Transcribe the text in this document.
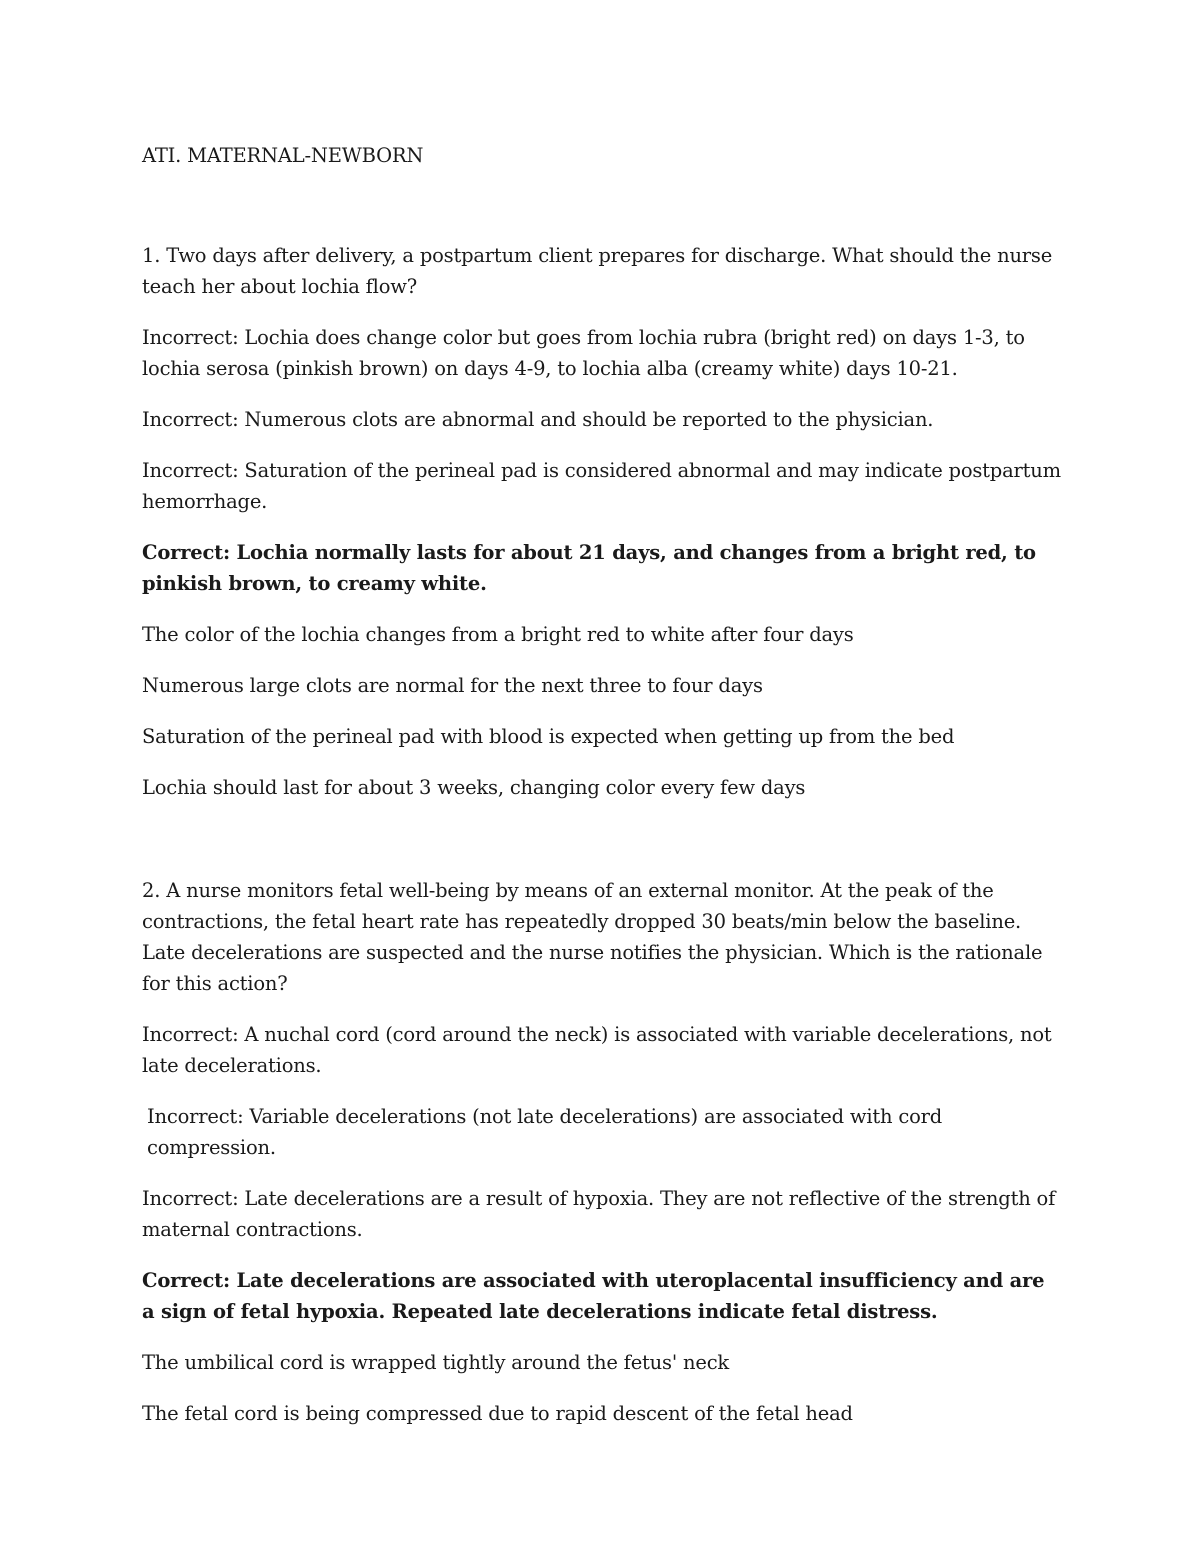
ATI. MATERNAL-NEWBORN

1. Two days after delivery, a postpartum client prepares for discharge. What should the nurse teach her about lochia flow?

Incorrect: Lochia does change color but goes from lochia rubra (bright red) on days 1-3, to lochia serosa (pinkish brown) on days 4-9, to lochia alba (creamy white) days 10-21.

Incorrect: Numerous clots are abnormal and should be reported to the physician.

Incorrect: Saturation of the perineal pad is considered abnormal and may indicate postpartum hemorrhage.

Correct: Lochia normally lasts for about 21 days, and changes from a bright red, to pinkish brown, to creamy white.

The color of the lochia changes from a bright red to white after four days

Numerous large clots are normal for the next three to four days

Saturation of the perineal pad with blood is expected when getting up from the bed

Lochia should last for about 3 weeks, changing color every few days

2. A nurse monitors fetal well-being by means of an external monitor. At the peak of the contractions, the fetal heart rate has repeatedly dropped 30 beats/min below the baseline. Late decelerations are suspected and the nurse notifies the physician. Which is the rationale for this action?

Incorrect: A nuchal cord (cord around the neck) is associated with variable decelerations, not late decelerations.

Incorrect: Variable decelerations (not late decelerations) are associated with cord compression.

Incorrect: Late decelerations are a result of hypoxia. They are not reflective of the strength of maternal contractions.

Correct: Late decelerations are associated with uteroplacental insufficiency and are a sign of fetal hypoxia. Repeated late decelerations indicate fetal distress.

The umbilical cord is wrapped tightly around the fetus' neck

The fetal cord is being compressed due to rapid descent of the fetal head
